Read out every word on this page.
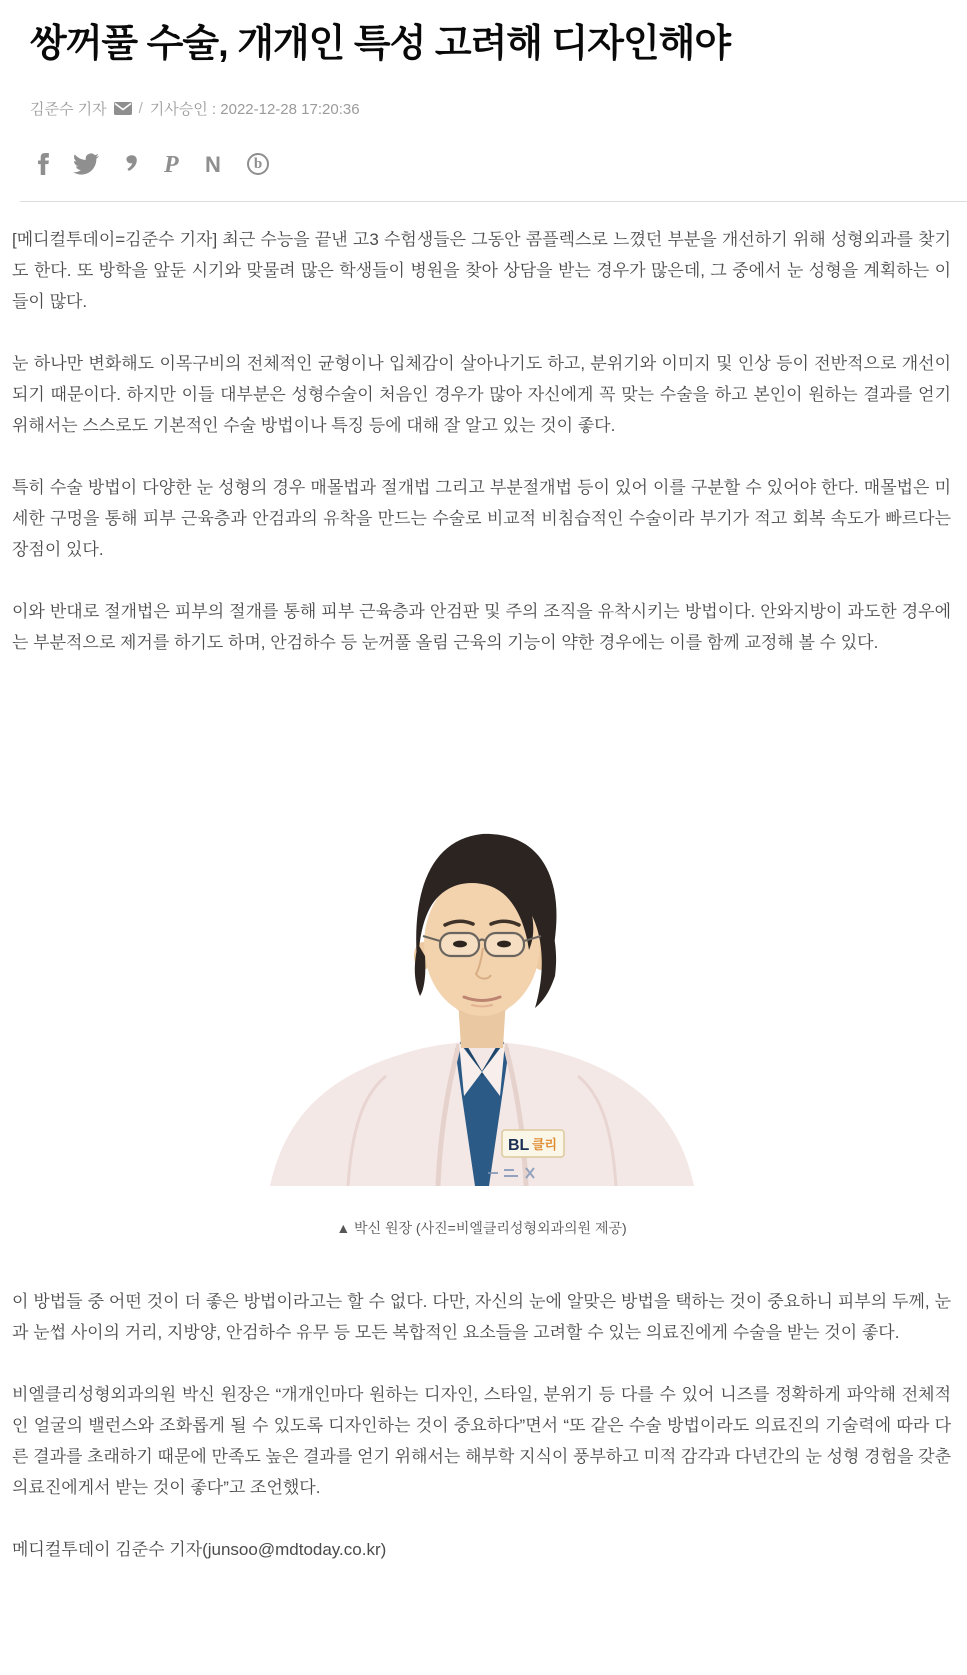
쌍꺼풀 수술, 개개인 특성 고려해 디자인해야
김준수 기자 / 기사승인 : 2022-12-28 17:20:36
P N	b

[메디컬투데이=김준수 기자] 최근 수능을 끝낸 고3 수험생들은 그동안 콤플렉스로 느꼈던 부분을 개선하기 위해 성형외과를 찾기도 한다. 또 방학을 앞둔 시기와 맞물려 많은 학생들이 병원을 찾아 상담을 받는 경우가 많은데, 그 중에서 눈 성형을 계획하는 이들이 많다.

눈 하나만 변화해도 이목구비의 전체적인 균형이나 입체감이 살아나기도 하고, 분위기와 이미지 및 인상 등이 전반적으로 개선이 되기 때문이다. 하지만 이들 대부분은 성형수술이 처음인 경우가 많아 자신에게 꼭 맞는 수술을 하고 본인이 원하는 결과를 얻기 위해서는 스스로도 기본적인 수술 방법이나 특징 등에 대해 잘 알고 있는 것이 좋다.

특히 수술 방법이 다양한 눈 성형의 경우 매몰법과 절개법 그리고 부분절개법 등이 있어 이를 구분할 수 있어야 한다. 매몰법은 미세한 구멍을 통해 피부 근육층과 안검과의 유착을 만드는 수술로 비교적 비침습적인 수술이라 부기가 적고 회복 속도가 빠르다는 장점이 있다.

이와 반대로 절개법은 피부의 절개를 통해 피부 근육층과 안검판 및 주의 조직을 유착시키는 방법이다. 안와지방이 과도한 경우에는 부분적으로 제거를 하기도 하며, 안검하수 등 눈꺼풀 올림 근육의 기능이 약한 경우에는 이를 함께 교정해 볼 수 있다.

BL 클리
▲ 박신 원장 (사진=비엘클리성형외과의원 제공)

이 방법들 중 어떤 것이 더 좋은 방법이라고는 할 수 없다. 다만, 자신의 눈에 알맞은 방법을 택하는 것이 중요하니 피부의 두께, 눈과 눈썹 사이의 거리, 지방양, 안검하수 유무 등 모든 복합적인 요소들을 고려할 수 있는 의료진에게 수술을 받는 것이 좋다.

비엘클리성형외과의원 박신 원장은 “개개인마다 원하는 디자인, 스타일, 분위기 등 다를 수 있어 니즈를 정확하게 파악해 전체적인 얼굴의 밸런스와 조화롭게 될 수 있도록 디자인하는 것이 중요하다”면서 “또 같은 수술 방법이라도 의료진의 기술력에 따라 다른 결과를 초래하기 때문에 만족도 높은 결과를 얻기 위해서는 해부학 지식이 풍부하고 미적 감각과 다년간의 눈 성형 경험을 갖춘 의료진에게서 받는 것이 좋다”고 조언했다.

메디컬투데이 김준수 기자(junsoo@mdtoday.co.kr)
